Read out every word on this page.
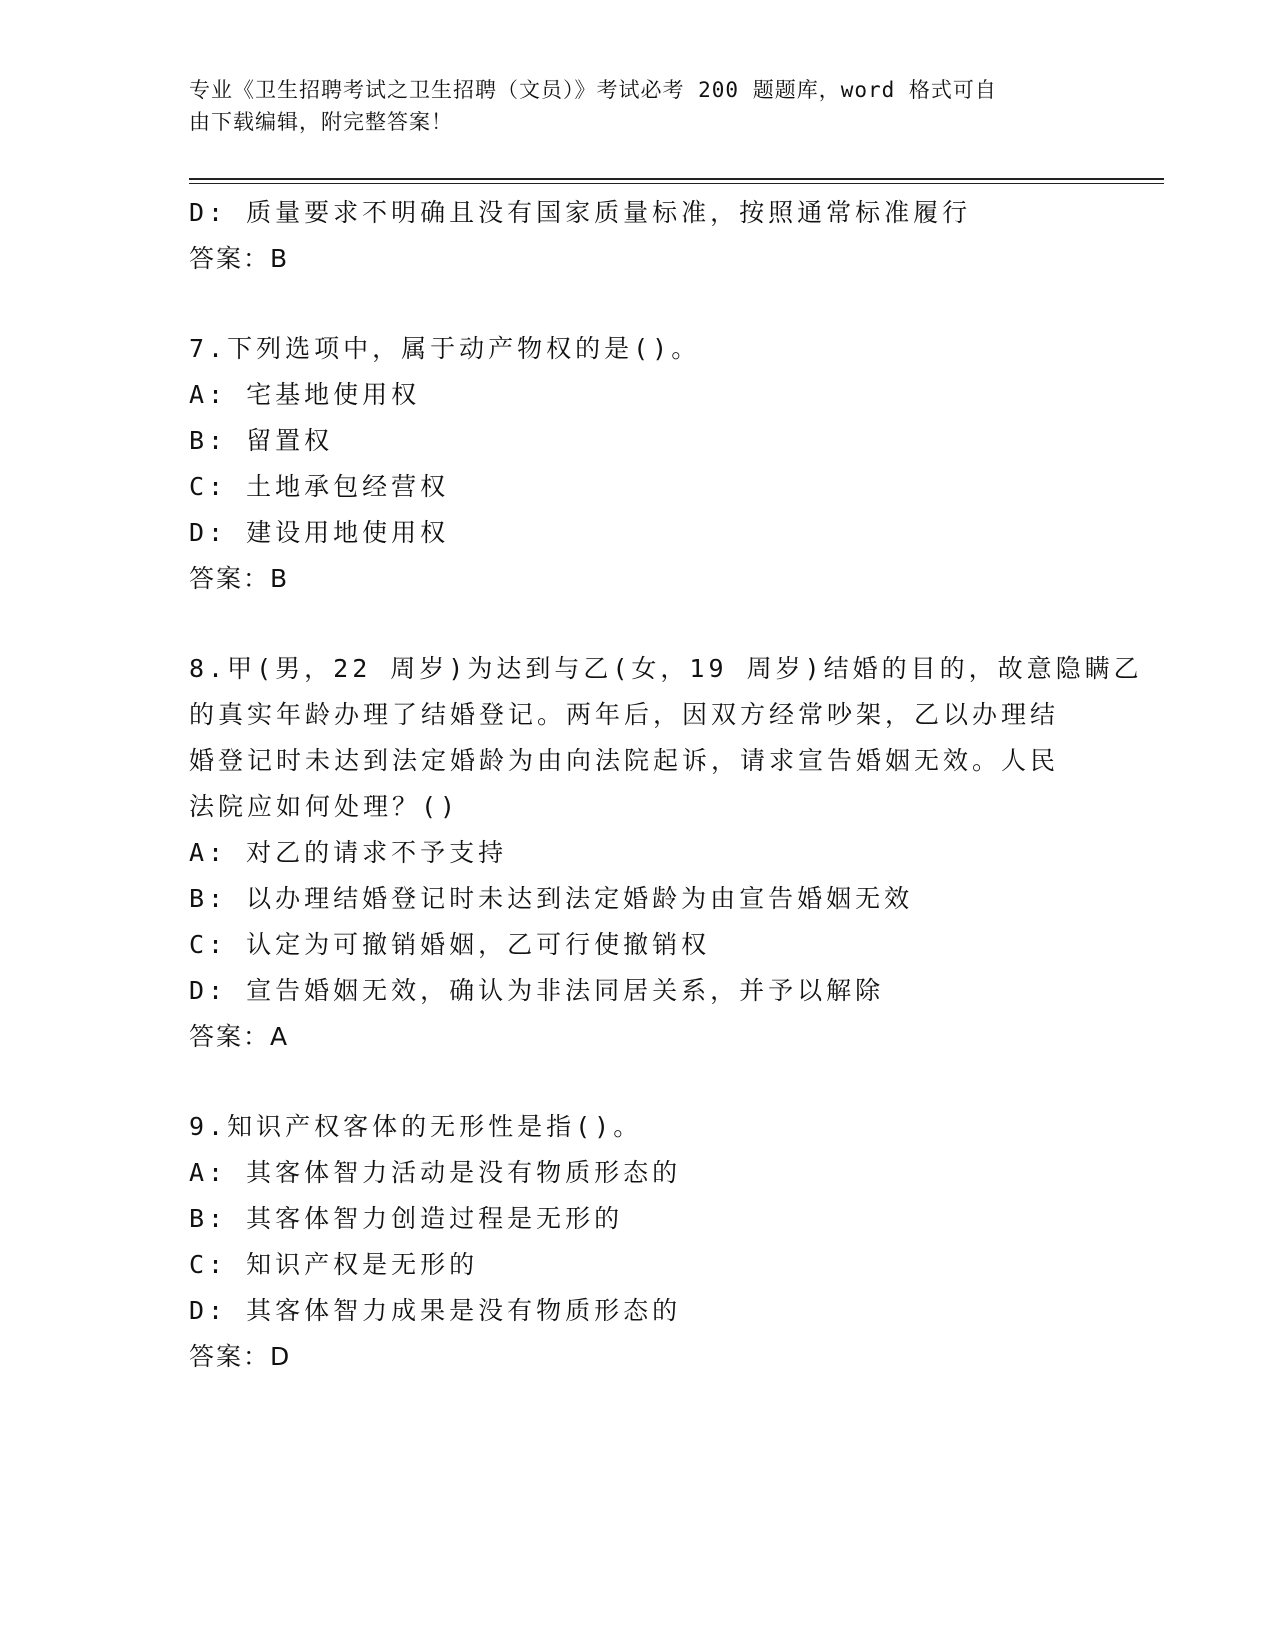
专业《卫生招聘考试之卫生招聘（文员）》考试必考 200 题题库，word 格式可自
由下载编辑，附完整答案！
D: 质量要求不明确且没有国家质量标准，按照通常标准履行
答案：B
7.下列选项中，属于动产物权的是()。
A: 宅基地使用权
B: 留置权
C: 土地承包经营权
D: 建设用地使用权
答案：B
8.甲(男，22 周岁)为达到与乙(女，19 周岁)结婚的目的，故意隐瞒乙
的真实年龄办理了结婚登记。两年后，因双方经常吵架，乙以办理结
婚登记时未达到法定婚龄为由向法院起诉，请求宣告婚姻无效。人民
法院应如何处理？()
A: 对乙的请求不予支持
B: 以办理结婚登记时未达到法定婚龄为由宣告婚姻无效
C: 认定为可撤销婚姻，乙可行使撤销权
D: 宣告婚姻无效，确认为非法同居关系，并予以解除
答案：A
9.知识产权客体的无形性是指()。
A: 其客体智力活动是没有物质形态的
B: 其客体智力创造过程是无形的
C: 知识产权是无形的
D: 其客体智力成果是没有物质形态的
答案：D
